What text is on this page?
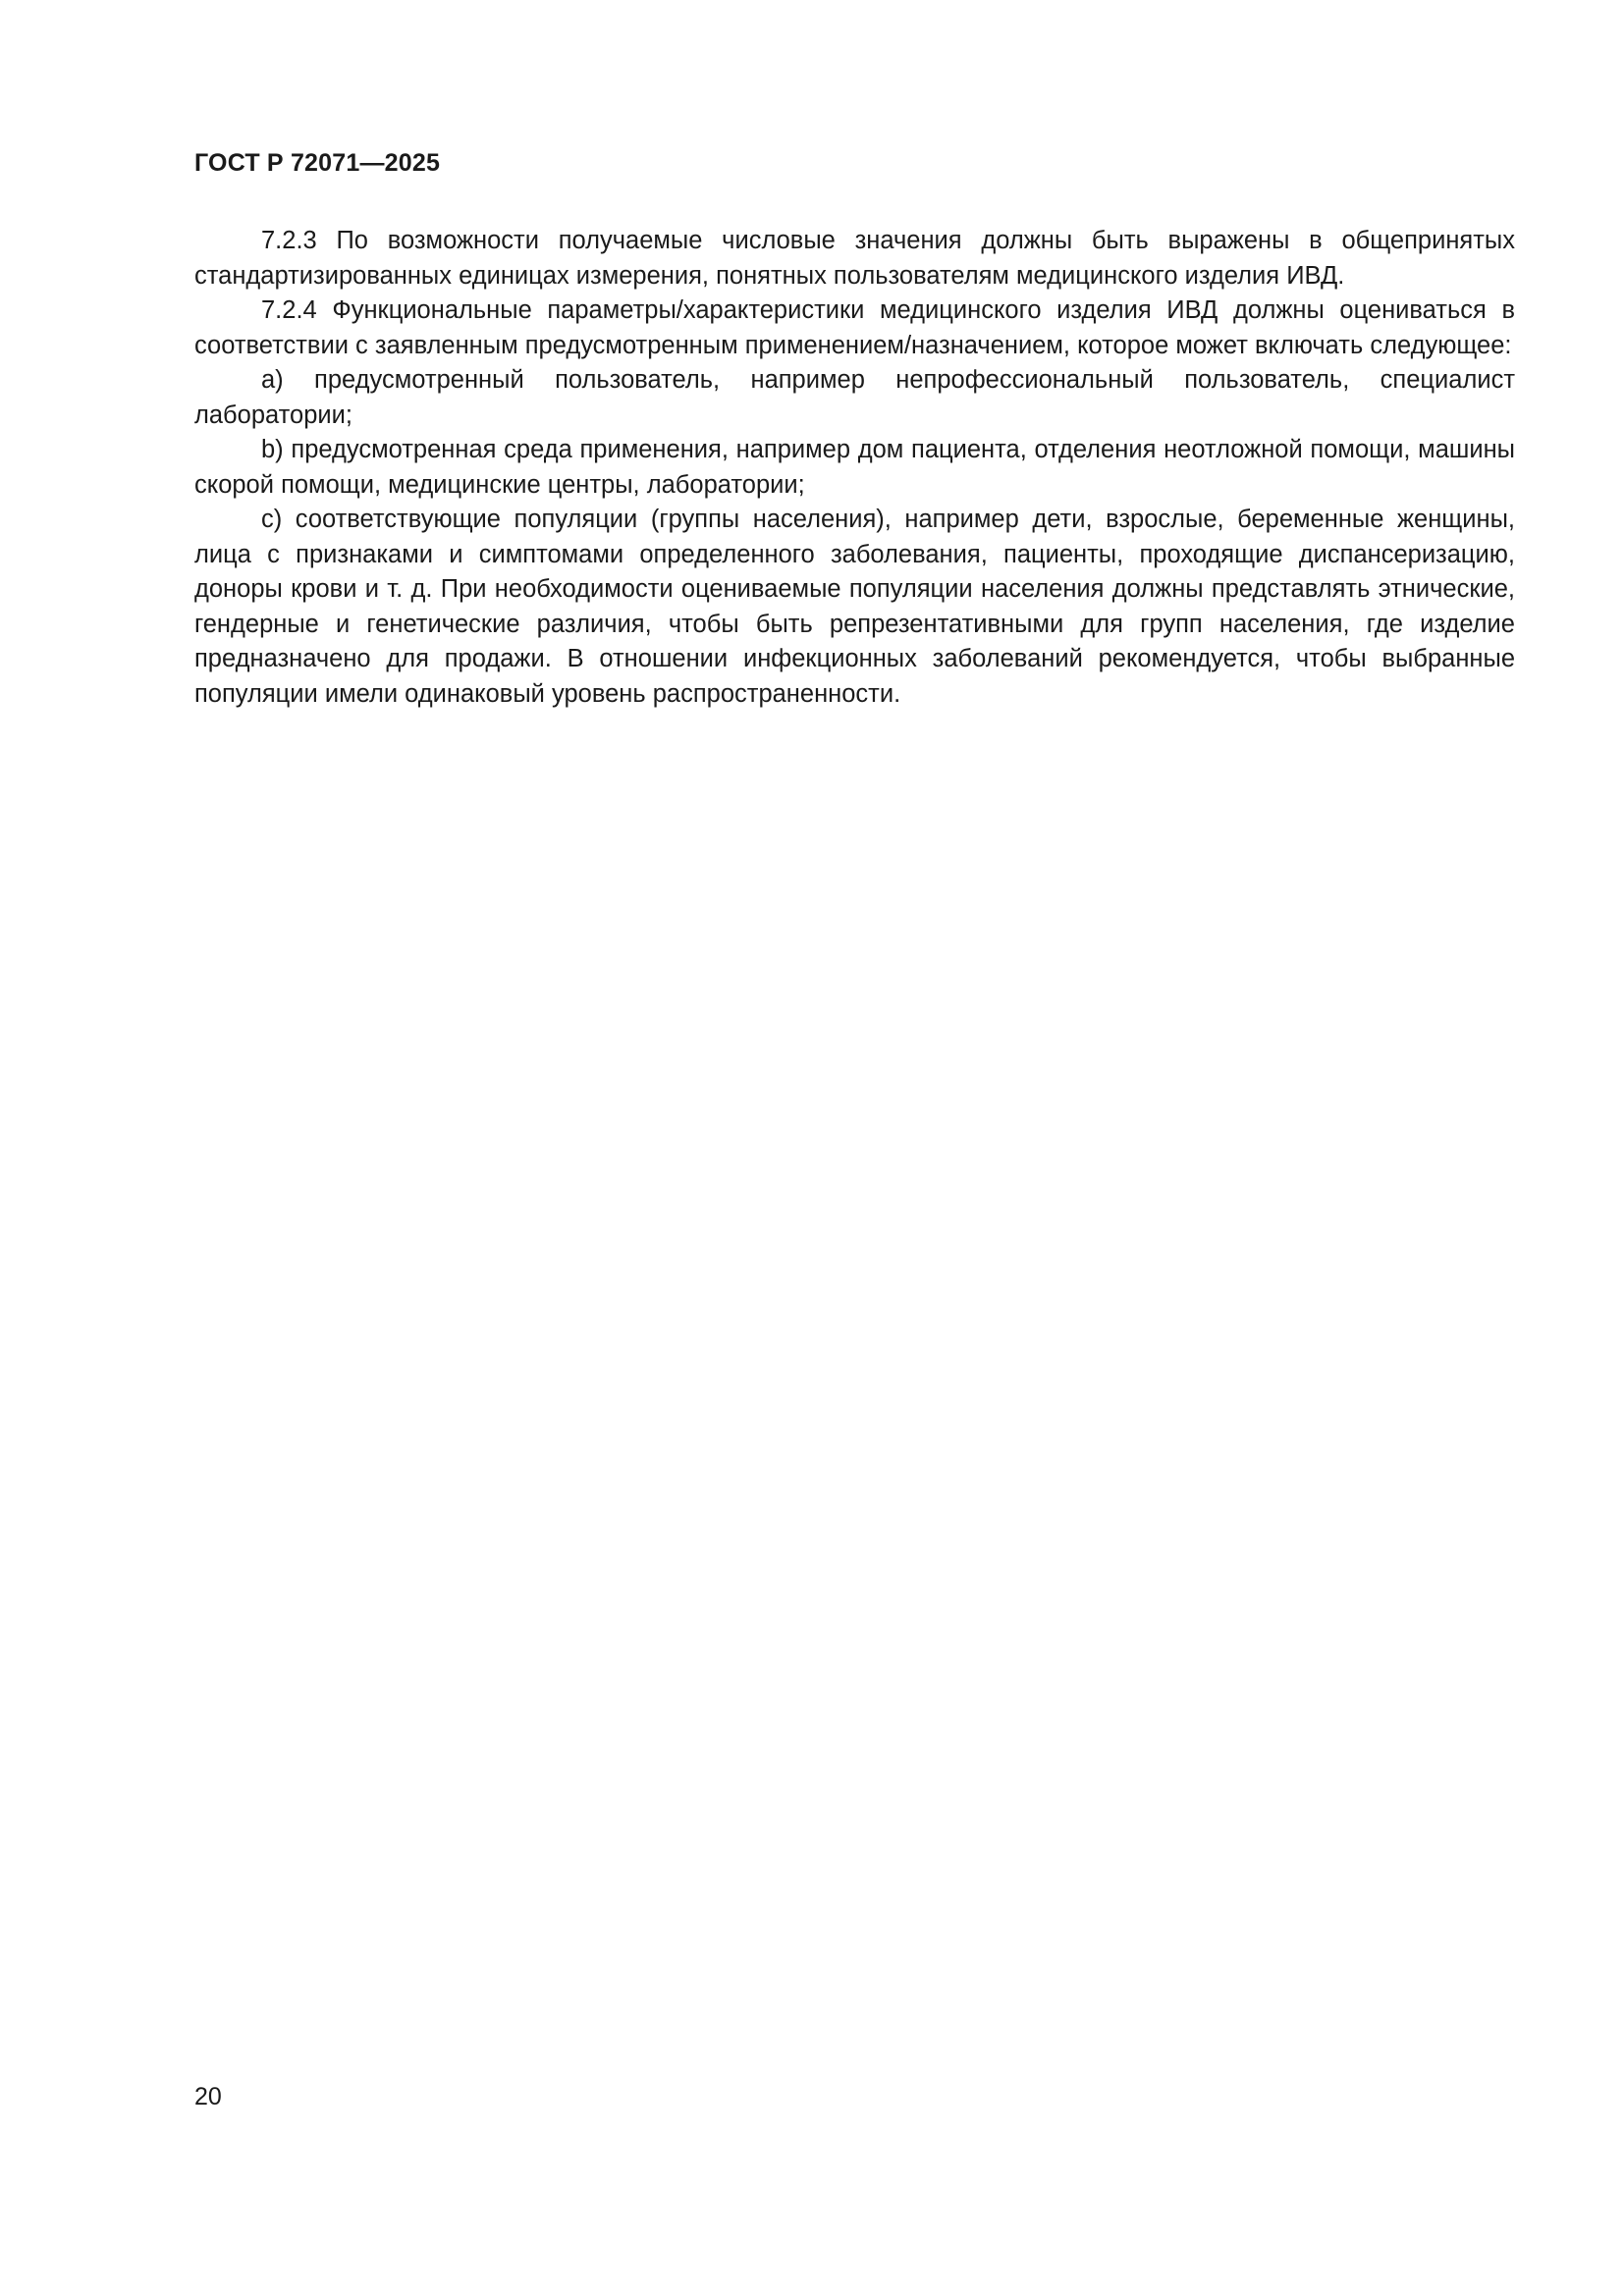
ГОСТ Р 72071—2025

7.2.3 По возможности получаемые числовые значения должны быть выражены в общепринятых стандартизированных единицах измерения, понятных пользователям медицинского изделия ИВД.

7.2.4 Функциональные параметры/характеристики медицинского изделия ИВД должны оцениваться в соответствии с заявленным предусмотренным применением/назначением, которое может включать следующее:

a) предусмотренный пользователь, например непрофессиональный пользователь, специалист лаборатории;

b) предусмотренная среда применения, например дом пациента, отделения неотложной помощи, машины скорой помощи, медицинские центры, лаборатории;

c) соответствующие популяции (группы населения), например дети, взрослые, беременные женщины, лица с признаками и симптомами определенного заболевания, пациенты, проходящие диспансеризацию, доноры крови и т. д. При необходимости оцениваемые популяции населения должны представлять этнические, гендерные и генетические различия, чтобы быть репрезентативными для групп населения, где изделие предназначено для продажи. В отношении инфекционных заболеваний рекомендуется, чтобы выбранные популяции имели одинаковый уровень распространенности.

20
